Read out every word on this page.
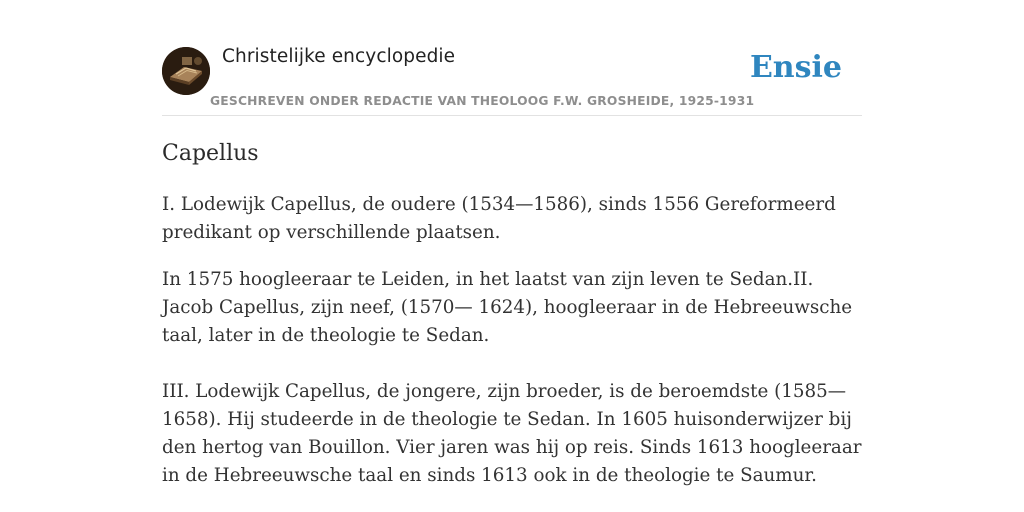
Christelijke encyclopedie
GESCHREVEN ONDER REDACTIE VAN THEOLOOG F.W. GROSHEIDE, 1925-1931
Ensie
Capellus

I. Lodewijk Capellus, de oudere (1534—1586), sinds 1556 Gereformeerd predikant op verschillende plaatsen.

In 1575 hoogleeraar te Leiden, in het laatst van zijn leven te Sedan.II. Jacob Capellus, zijn neef, (1570— 1624), hoogleeraar in de Hebreeuwsche taal, later in de theologie te Sedan.

III. Lodewijk Capellus, de jongere, zijn broeder, is de beroemdste (1585—1658). Hij studeerde in de theologie te Sedan. In 1605 huisonderwijzer bij den hertog van Bouillon. Vier jaren was hij op reis. Sinds 1613 hoogleeraar in de Hebreeuwsche taal en sinds 1613 ook in de theologie te Saumur.
